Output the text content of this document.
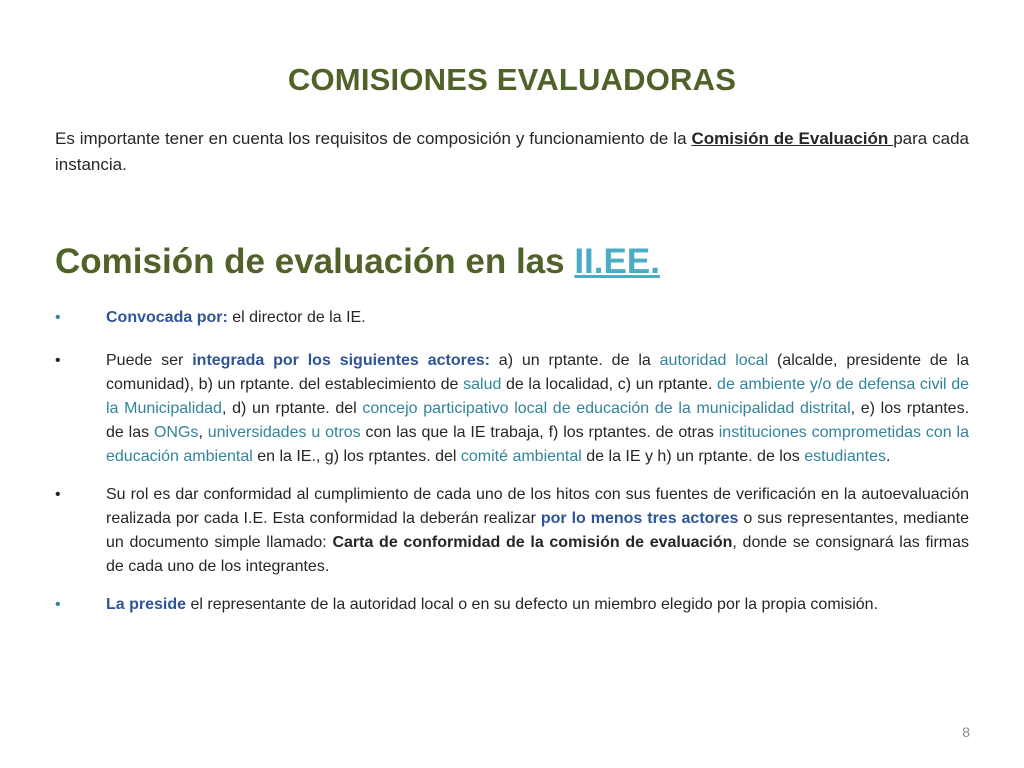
COMISIONES EVALUADORAS
Es importante tener en cuenta los requisitos de composición y funcionamiento de la Comisión de Evaluación para cada instancia.
Comisión de evaluación en las II.EE.
•	Convocada por: el director de la IE.
•	Puede ser integrada por los siguientes actores: a) un rptante. de la autoridad local (alcalde, presidente de la comunidad), b) un rptante. del establecimiento de salud de la localidad, c) un rptante. de ambiente y/o de defensa civil de la Municipalidad, d) un rptante. del concejo participativo local de educación de la municipalidad distrital, e) los rptantes. de las ONGs, universidades u otros con las que la IE trabaja, f) los rptantes. de otras instituciones comprometidas con la educación ambiental en la IE., g) los rptantes. del comité ambiental de la IE y h) un rptante. de los estudiantes.
•	Su rol es dar conformidad al cumplimiento de cada uno de los hitos con sus fuentes de verificación en la autoevaluación realizada por cada I.E. Esta conformidad la deberán realizar por lo menos tres actores o sus representantes, mediante un documento simple llamado: Carta de conformidad de la comisión de evaluación, donde se consignará las firmas de cada uno de los integrantes.
•	La preside el representante de la autoridad local o en su defecto un miembro elegido por la propia comisión.
8
